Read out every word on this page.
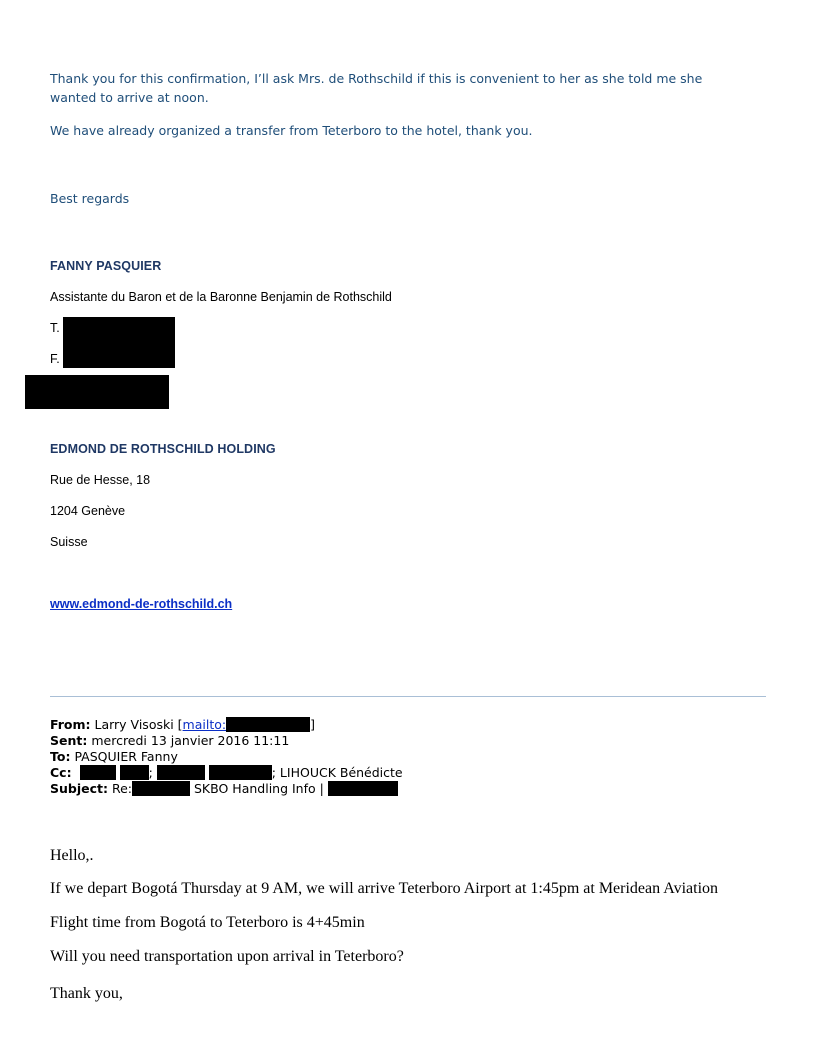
Thank you for this confirmation, I’ll ask Mrs. de Rothschild if this is convenient to her as she told me she wanted to arrive at noon.
We have already organized a transfer from Teterboro to the hotel, thank you.
Best regards
FANNY PASQUIER
Assistante du Baron et de la Baronne Benjamin de Rothschild
T.
F.
EDMOND DE ROTHSCHILD HOLDING
Rue de Hesse, 18
1204 Genève
Suisse
www.edmond-de-rothschild.ch
From: Larry Visoski [mailto:	]
Sent: mercredi 13 janvier 2016 11:11
To: PASQUIER Fanny
Cc:	;	; LIHOUCK Bénédicte
Subject: Re:	SKBO Handling Info |
Hello,.
If we depart Bogotá Thursday at 9 AM, we will arrive Teterboro Airport at 1:45pm at Meridean Aviation
Flight time from Bogotá to Teterboro is 4+45min
Will you need transportation upon arrival in Teterboro?
Thank you,
